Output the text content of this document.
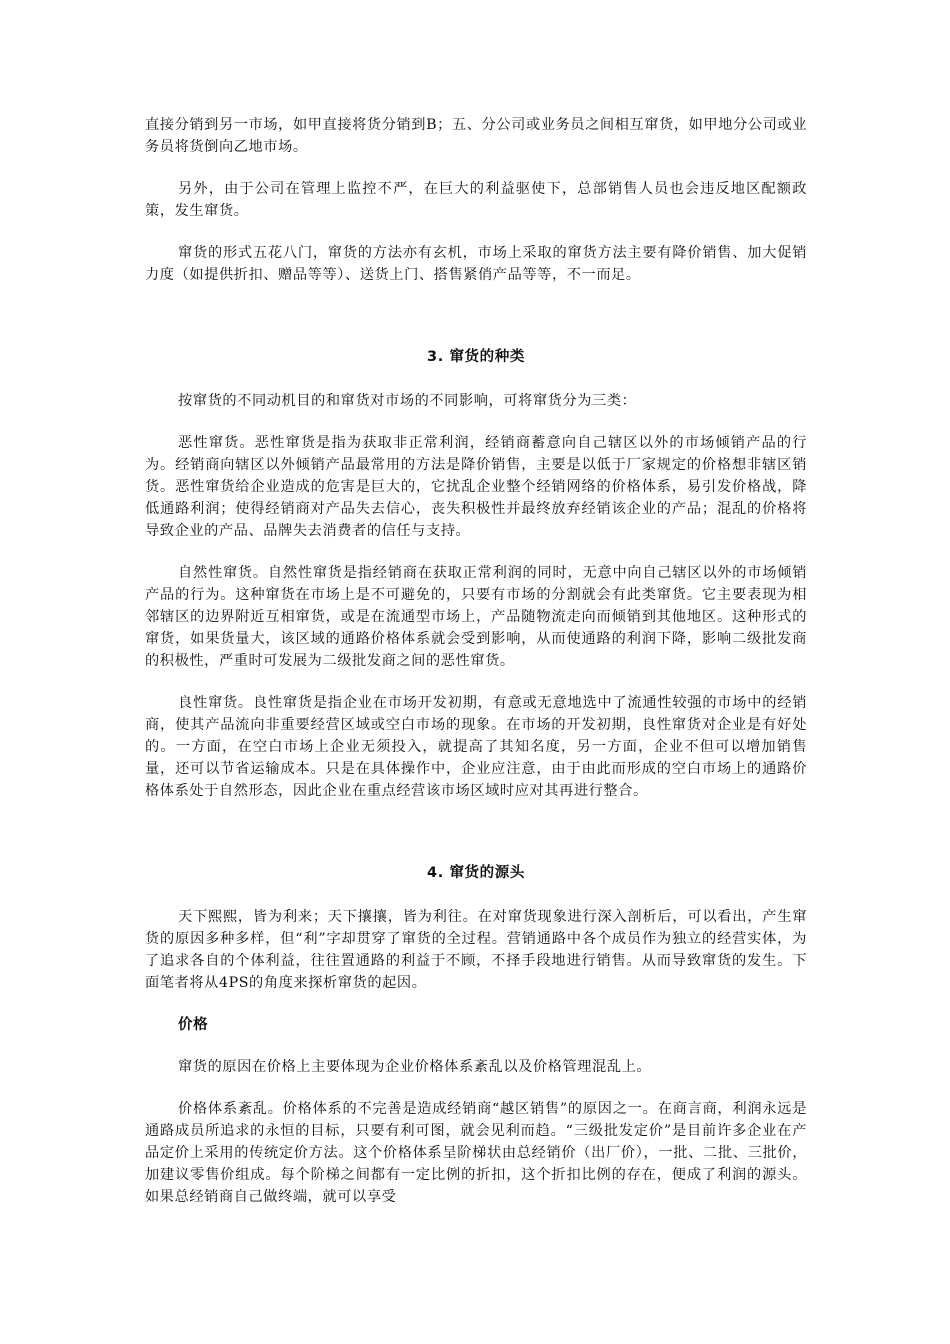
直接分销到另一市场，如甲直接将货分销到B；五、分公司或业务员之间相互窜货，如甲地分公司或业务员将货倒向乙地市场。

另外，由于公司在管理上监控不严，在巨大的利益驱使下，总部销售人员也会违反地区配额政策，发生窜货。

窜货的形式五花八门，窜货的方法亦有玄机，市场上采取的窜货方法主要有降价销售、加大促销力度（如提供折扣、赠品等等）、送货上门、搭售紧俏产品等等，不一而足。

3. 窜货的种类

按窜货的不同动机目的和窜货对市场的不同影响，可将窜货分为三类：

恶性窜货。恶性窜货是指为获取非正常利润，经销商蓄意向自己辖区以外的市场倾销产品的行为。经销商向辖区以外倾销产品最常用的方法是降价销售，主要是以低于厂家规定的价格想非辖区销货。恶性窜货给企业造成的危害是巨大的，它扰乱企业整个经销网络的价格体系，易引发价格战，降低通路利润；使得经销商对产品失去信心，丧失积极性并最终放弃经销该企业的产品；混乱的价格将导致企业的产品、品牌失去消费者的信任与支持。

自然性窜货。自然性窜货是指经销商在获取正常利润的同时，无意中向自己辖区以外的市场倾销产品的行为。这种窜货在市场上是不可避免的，只要有市场的分割就会有此类窜货。它主要表现为相邻辖区的边界附近互相窜货，或是在流通型市场上，产品随物流走向而倾销到其他地区。这种形式的窜货，如果货量大，该区域的通路价格体系就会受到影响，从而使通路的利润下降，影响二级批发商的积极性，严重时可发展为二级批发商之间的恶性窜货。

良性窜货。良性窜货是指企业在市场开发初期，有意或无意地选中了流通性较强的市场中的经销商，使其产品流向非重要经营区域或空白市场的现象。在市场的开发初期，良性窜货对企业是有好处的。一方面，在空白市场上企业无须投入，就提高了其知名度，另一方面，企业不但可以增加销售量，还可以节省运输成本。只是在具体操作中，企业应注意，由于由此而形成的空白市场上的通路价格体系处于自然形态，因此企业在重点经营该市场区域时应对其再进行整合。

4. 窜货的源头

天下熙熙，皆为利来；天下攘攘，皆为利往。在对窜货现象进行深入剖析后，可以看出，产生窜货的原因多种多样，但“利”字却贯穿了窜货的全过程。营销通路中各个成员作为独立的经营实体，为了追求各自的个体利益，往往置通路的利益于不顾，不择手段地进行销售。从而导致窜货的发生。下面笔者将从4PS的角度来探析窜货的起因。

价格

窜货的原因在价格上主要体现为企业价格体系紊乱以及价格管理混乱上。

价格体系紊乱。价格体系的不完善是造成经销商“越区销售”的原因之一。在商言商，利润永远是通路成员所追求的永恒的目标，只要有利可图，就会见利而趋。“三级批发定价”是目前许多企业在产品定价上采用的传统定价方法。这个价格体系呈阶梯状由总经销价（出厂价），一批、二批、三批价，加建议零售价组成。每个阶梯之间都有一定比例的折扣，这个折扣比例的存在，便成了利润的源头。如果总经销商自己做终端，就可以享受
